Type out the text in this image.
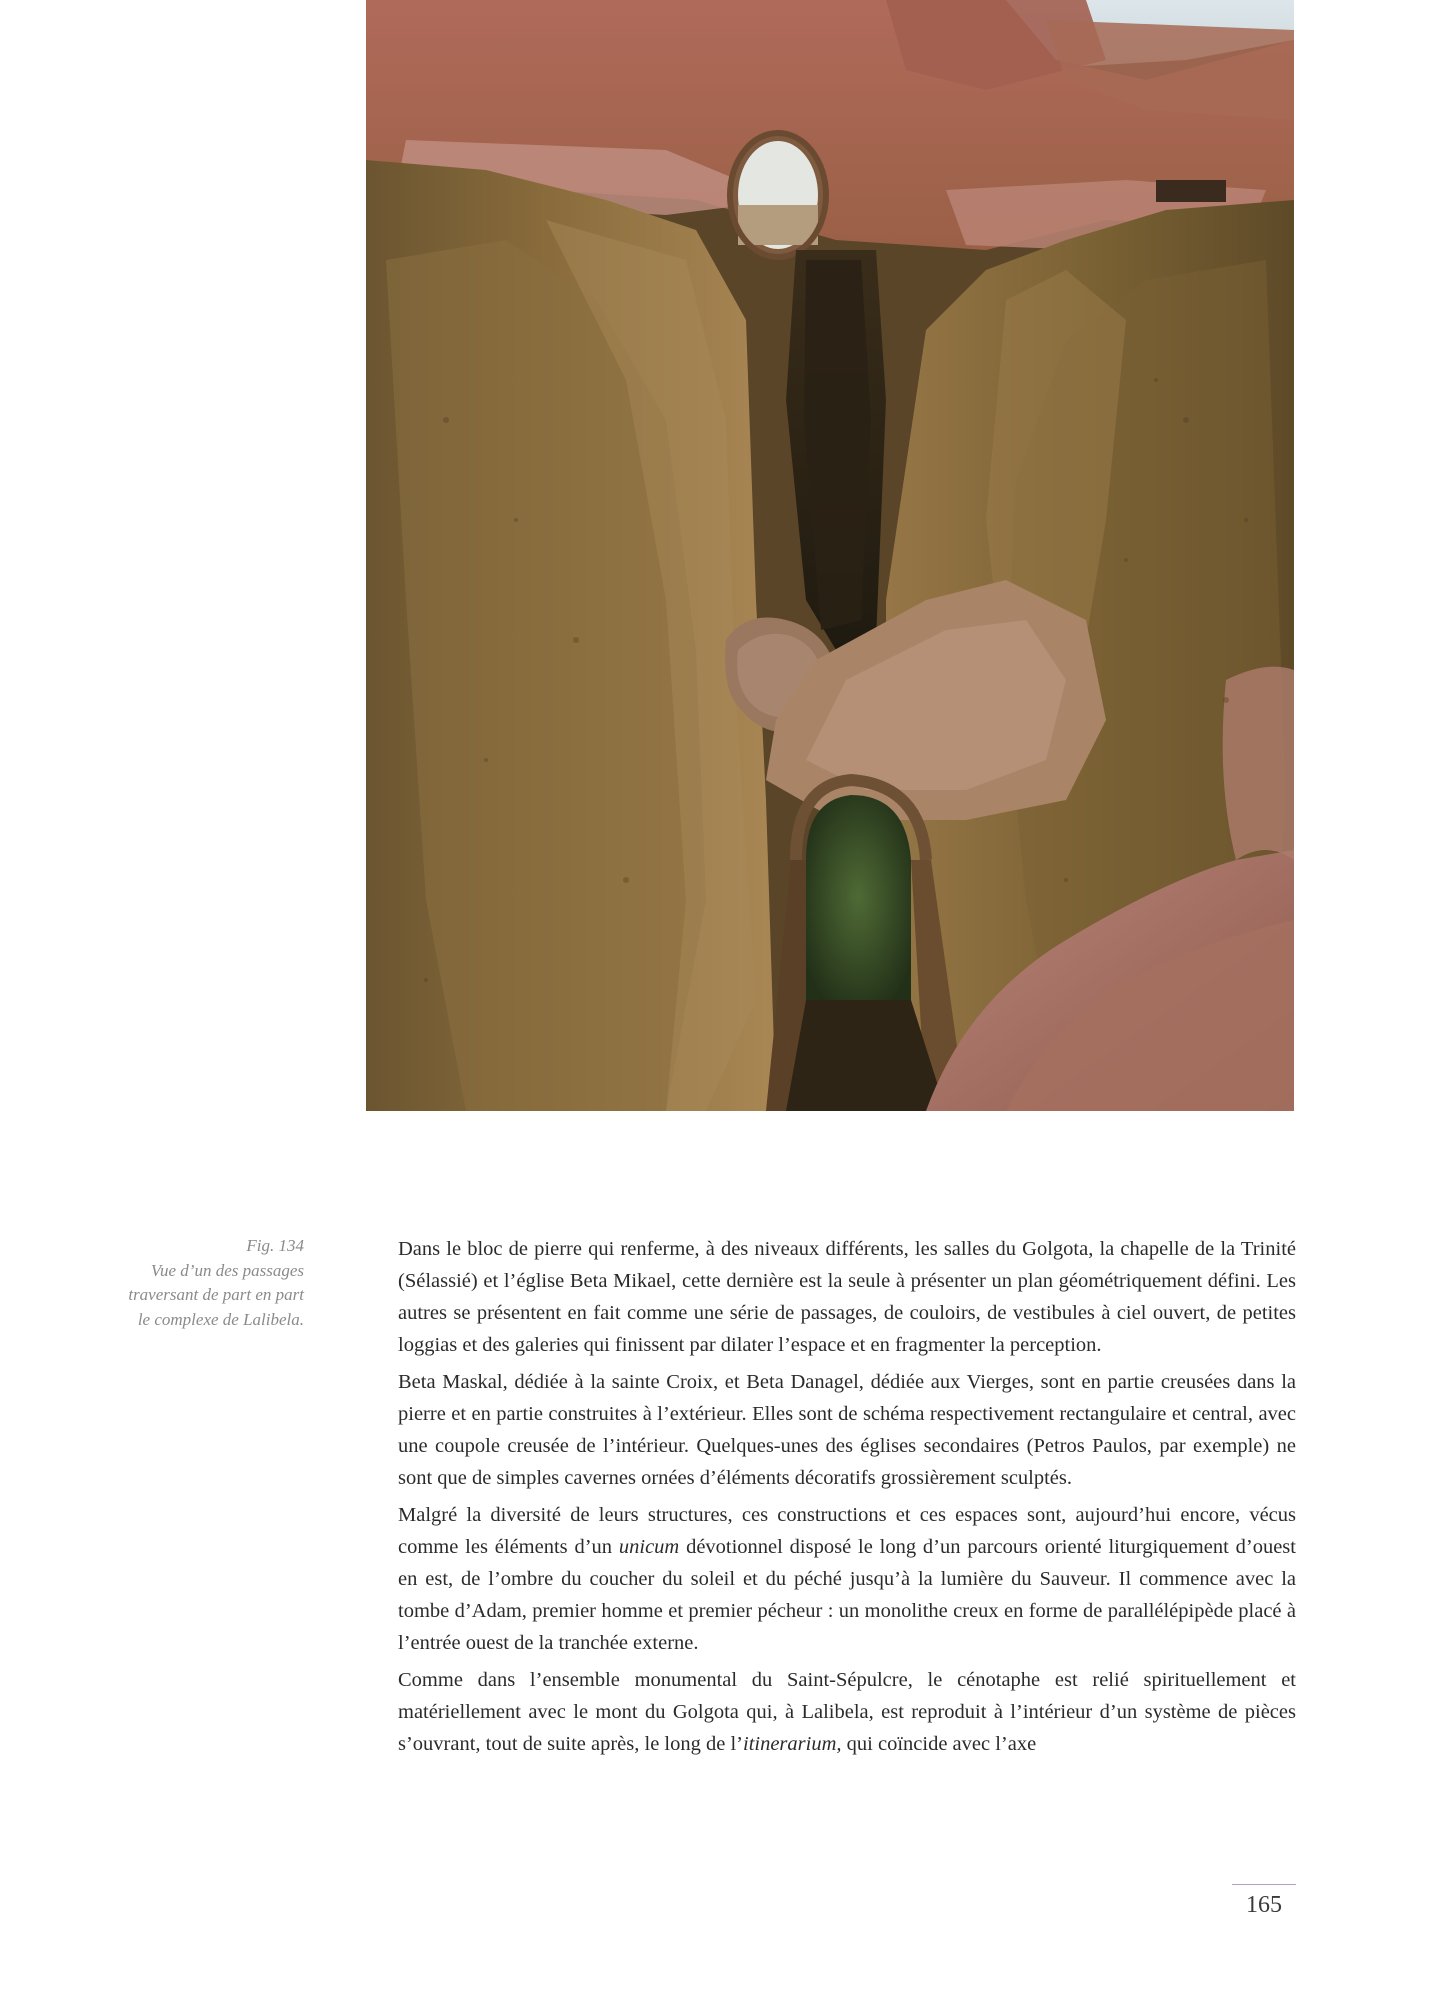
Fig. 134
Vue d’un des passages
traversant de part en part
le complexe de Lalibela.

Dans le bloc de pierre qui renferme, à des niveaux différents, les salles du Golgota, la chapelle de la Trinité (Sélassié) et l’église Beta Mikael, cette dernière est la seule à présenter un plan géométriquement défini. Les autres se présentent en fait comme une série de passages, de couloirs, de vestibules à ciel ouvert, de petites loggias et des galeries qui finissent par dilater l’espace et en fragmenter la perception.

Beta Maskal, dédiée à la sainte Croix, et Beta Danagel, dédiée aux Vierges, sont en partie creusées dans la pierre et en partie construites à l’extérieur. Elles sont de schéma respectivement rectangulaire et central, avec une coupole creusée de l’intérieur. Quelques-unes des églises secondaires (Petros Paulos, par exemple) ne sont que de simples cavernes ornées d’éléments décoratifs grossièrement sculptés.

Malgré la diversité de leurs structures, ces constructions et ces espaces sont, aujourd’hui encore, vécus comme les éléments d’un unicum dévotionnel disposé le long d’un parcours orienté liturgiquement d’ouest en est, de l’ombre du coucher du soleil et du péché jusqu’à la lumière du Sauveur. Il commence avec la tombe d’Adam, premier homme et premier pécheur : un monolithe creux en forme de parallélépipède placé à l’entrée ouest de la tranchée externe.

Comme dans l’ensemble monumental du Saint-Sépulcre, le cénotaphe est relié spirituellement et matériellement avec le mont du Golgota qui, à Lalibela, est reproduit à l’intérieur d’un système de pièces s’ouvrant, tout de suite après, le long de l’itinerarium, qui coïncide avec l’axe

165
